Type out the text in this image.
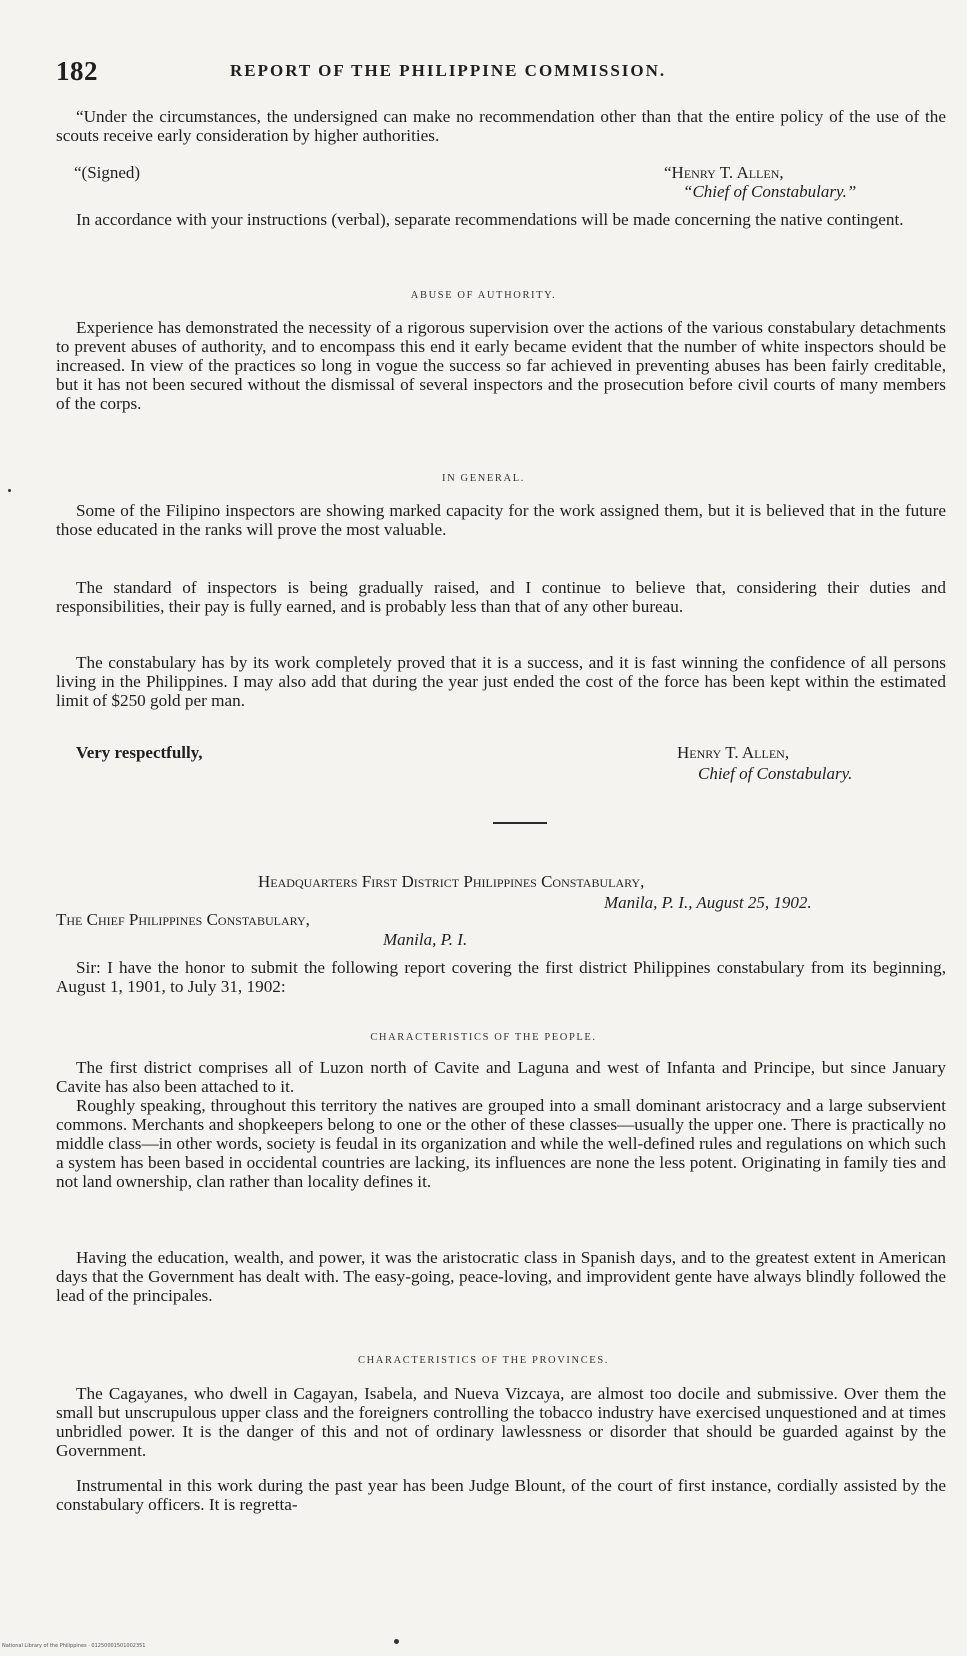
182	REPORT OF THE PHILIPPINE COMMISSION.

“Under the circumstances, the undersigned can make no recommendation other than that the entire policy of the use of the scouts receive early consideration by higher authorities.

“(Signed)	“Henry T. Allen,
“Chief of Constabulary.”

In accordance with your instructions (verbal), separate recommendations will be made concerning the native contingent.

ABUSE OF AUTHORITY.

Experience has demonstrated the necessity of a rigorous supervision over the actions of the various constabulary detachments to prevent abuses of authority, and to encompass this end it early became evident that the number of white inspectors should be increased. In view of the practices so long in vogue the success so far achieved in preventing abuses has been fairly creditable, but it has not been secured without the dismissal of several inspectors and the prosecution before civil courts of many members of the corps.

IN GENERAL.

Some of the Filipino inspectors are showing marked capacity for the work assigned them, but it is believed that in the future those educated in the ranks will prove the most valuable.

The standard of inspectors is being gradually raised, and I continue to believe that, considering their duties and responsibilities, their pay is fully earned, and is probably less than that of any other bureau.

The constabulary has by its work completely proved that it is a success, and it is fast winning the confidence of all persons living in the Philippines. I may also add that during the year just ended the cost of the force has been kept within the estimated limit of $250 gold per man.

Very respectfully,	Henry T. Allen,
Chief of Constabulary.
Headquarters First District Philippines Constabulary,
Manila, P. I., August 25, 1902.
The Chief Philippines Constabulary,
Manila, P. I.

Sir: I have the honor to submit the following report covering the first district Philippines constabulary from its beginning, August 1, 1901, to July 31, 1902:

CHARACTERISTICS OF THE PEOPLE.

The first district comprises all of Luzon north of Cavite and Laguna and west of Infanta and Principe, but since January Cavite has also been attached to it.

Roughly speaking, throughout this territory the natives are grouped into a small dominant aristocracy and a large subservient commons. Merchants and shopkeepers belong to one or the other of these classes—usually the upper one. There is practically no middle class—in other words, society is feudal in its organization and while the well-defined rules and regulations on which such a system has been based in occidental countries are lacking, its influences are none the less potent. Originating in family ties and not land ownership, clan rather than locality defines it.

Having the education, wealth, and power, it was the aristocratic class in Spanish days, and to the greatest extent in American days that the Government has dealt with. The easy-going, peace-loving, and improvident gente have always blindly followed the lead of the principales.

CHARACTERISTICS OF THE PROVINCES.

The Cagayanes, who dwell in Cagayan, Isabela, and Nueva Vizcaya, are almost too docile and submissive. Over them the small but unscrupulous upper class and the foreigners controlling the tobacco industry have exercised unquestioned and at times unbridled power. It is the danger of this and not of ordinary lawlessness or disorder that should be guarded against by the Government.

Instrumental in this work during the past year has been Judge Blount, of the court of first instance, cordially assisted by the constabulary officers. It is regretta-

National Library of the Philippines · 01250001501002351
